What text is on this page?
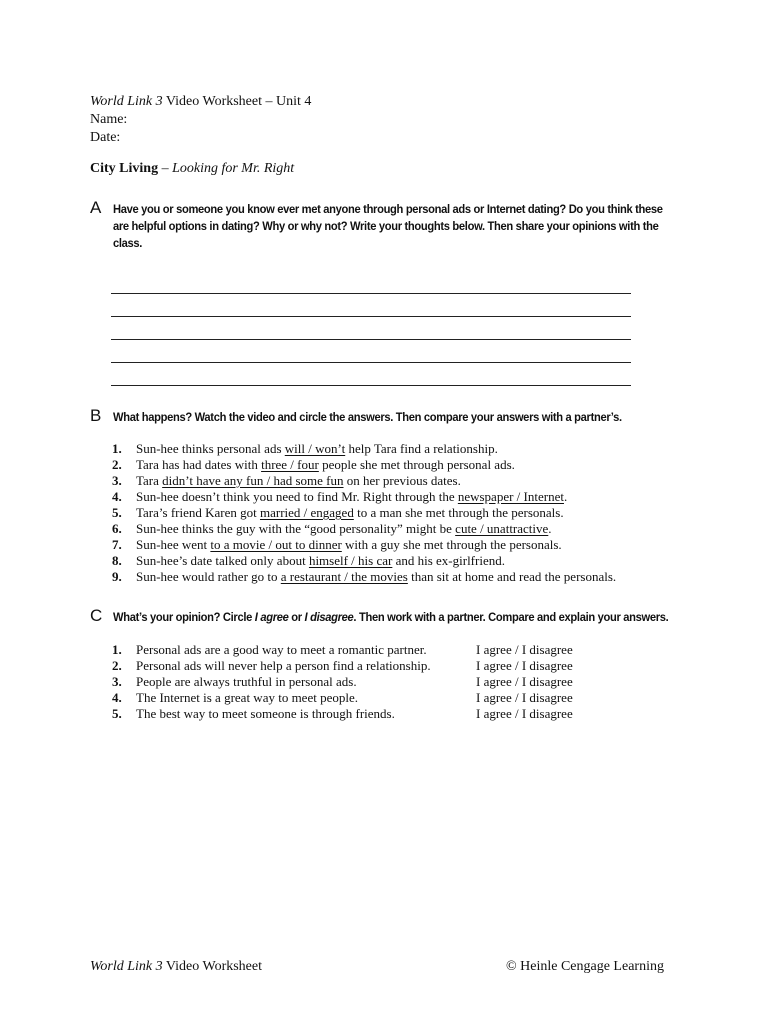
World Link 3 Video Worksheet – Unit 4
Name:
Date:
City Living – Looking for Mr. Right
A Have you or someone you know ever met anyone through personal ads or Internet dating? Do you think these
are helpful options in dating? Why or why not? Write your thoughts below. Then share your opinions with the
class.
B What happens? Watch the video and circle the answers. Then compare your answers with a partner’s.
1. Sun-hee thinks personal ads will / won’t help Tara find a relationship.
2. Tara has had dates with three / four people she met through personal ads.
3. Tara didn’t have any fun / had some fun on her previous dates.
4. Sun-hee doesn’t think you need to find Mr. Right through the newspaper / Internet.
5. Tara’s friend Karen got married / engaged to a man she met through the personals.
6. Sun-hee thinks the guy with the “good personality” might be cute / unattractive.
7. Sun-hee went to a movie / out to dinner with a guy she met through the personals.
8. Sun-hee’s date talked only about himself / his car and his ex-girlfriend.
9. Sun-hee would rather go to a restaurant / the movies than sit at home and read the personals.
C What’s your opinion? Circle I agree or I disagree. Then work with a partner. Compare and explain your answers.
1. Personal ads are a good way to meet a romantic partner.	I agree / I disagree
2. Personal ads will never help a person find a relationship.	I agree / I disagree
3. People are always truthful in personal ads.	I agree / I disagree
4. The Internet is a great way to meet people.	I agree / I disagree
5. The best way to meet someone is through friends.	I agree / I disagree
World Link 3 Video Worksheet	© Heinle Cengage Learning
